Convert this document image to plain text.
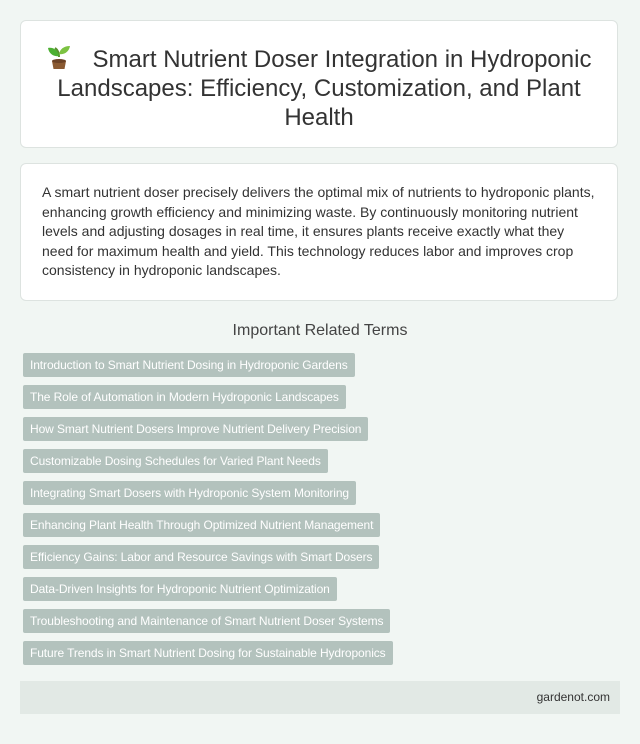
Smart Nutrient Doser Integration in Hydroponic Landscapes: Efficiency, Customization, and Plant Health

A smart nutrient doser precisely delivers the optimal mix of nutrients to hydroponic plants, enhancing growth efficiency and minimizing waste. By continuously monitoring nutrient levels and adjusting dosages in real time, it ensures plants receive exactly what they need for maximum health and yield. This technology reduces labor and improves crop consistency in hydroponic landscapes.

Important Related Terms
Introduction to Smart Nutrient Dosing in Hydroponic Gardens
The Role of Automation in Modern Hydroponic Landscapes
How Smart Nutrient Dosers Improve Nutrient Delivery Precision
Customizable Dosing Schedules for Varied Plant Needs
Integrating Smart Dosers with Hydroponic System Monitoring
Enhancing Plant Health Through Optimized Nutrient Management
Efficiency Gains: Labor and Resource Savings with Smart Dosers
Data-Driven Insights for Hydroponic Nutrient Optimization
Troubleshooting and Maintenance of Smart Nutrient Doser Systems
Future Trends in Smart Nutrient Dosing for Sustainable Hydroponics
gardenot.com
